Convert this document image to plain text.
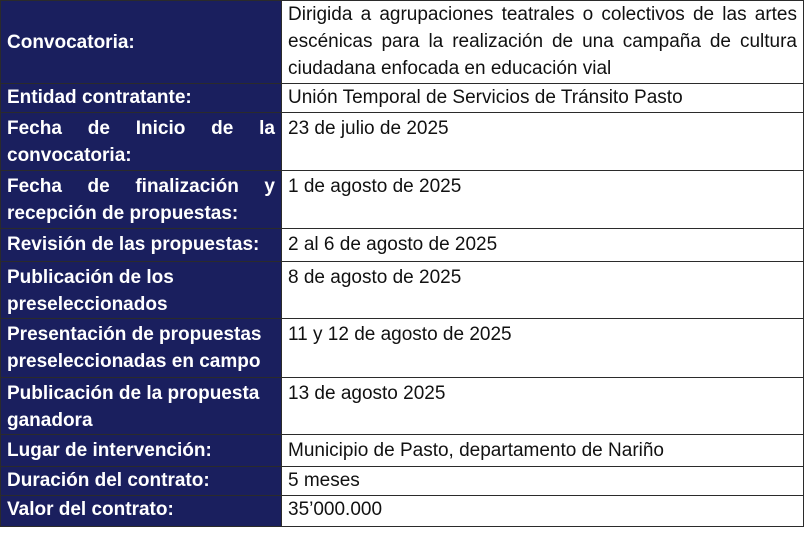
Convocatoria:	Dirigida a agrupaciones teatrales o colectivos de las artes escénicas para la realización de una campaña de cultura ciudadana enfocada en educación vial
Entidad contratante:	Unión Temporal de Servicios de Tránsito Pasto
Fecha de Inicio de la convocatoria:	23 de julio de 2025
Fecha de finalización y recepción de propuestas:	1 de agosto de 2025
Revisión de las propuestas:	2 al 6 de agosto de 2025
Publicación de los preseleccionados	8 de agosto de 2025
Presentación de propuestas preseleccionadas en campo	11 y 12 de agosto de 2025
Publicación de la propuesta ganadora	13 de agosto 2025
Lugar de intervención:	Municipio de Pasto, departamento de Nariño
Duración del contrato:	5 meses
Valor del contrato:	35’000.000
